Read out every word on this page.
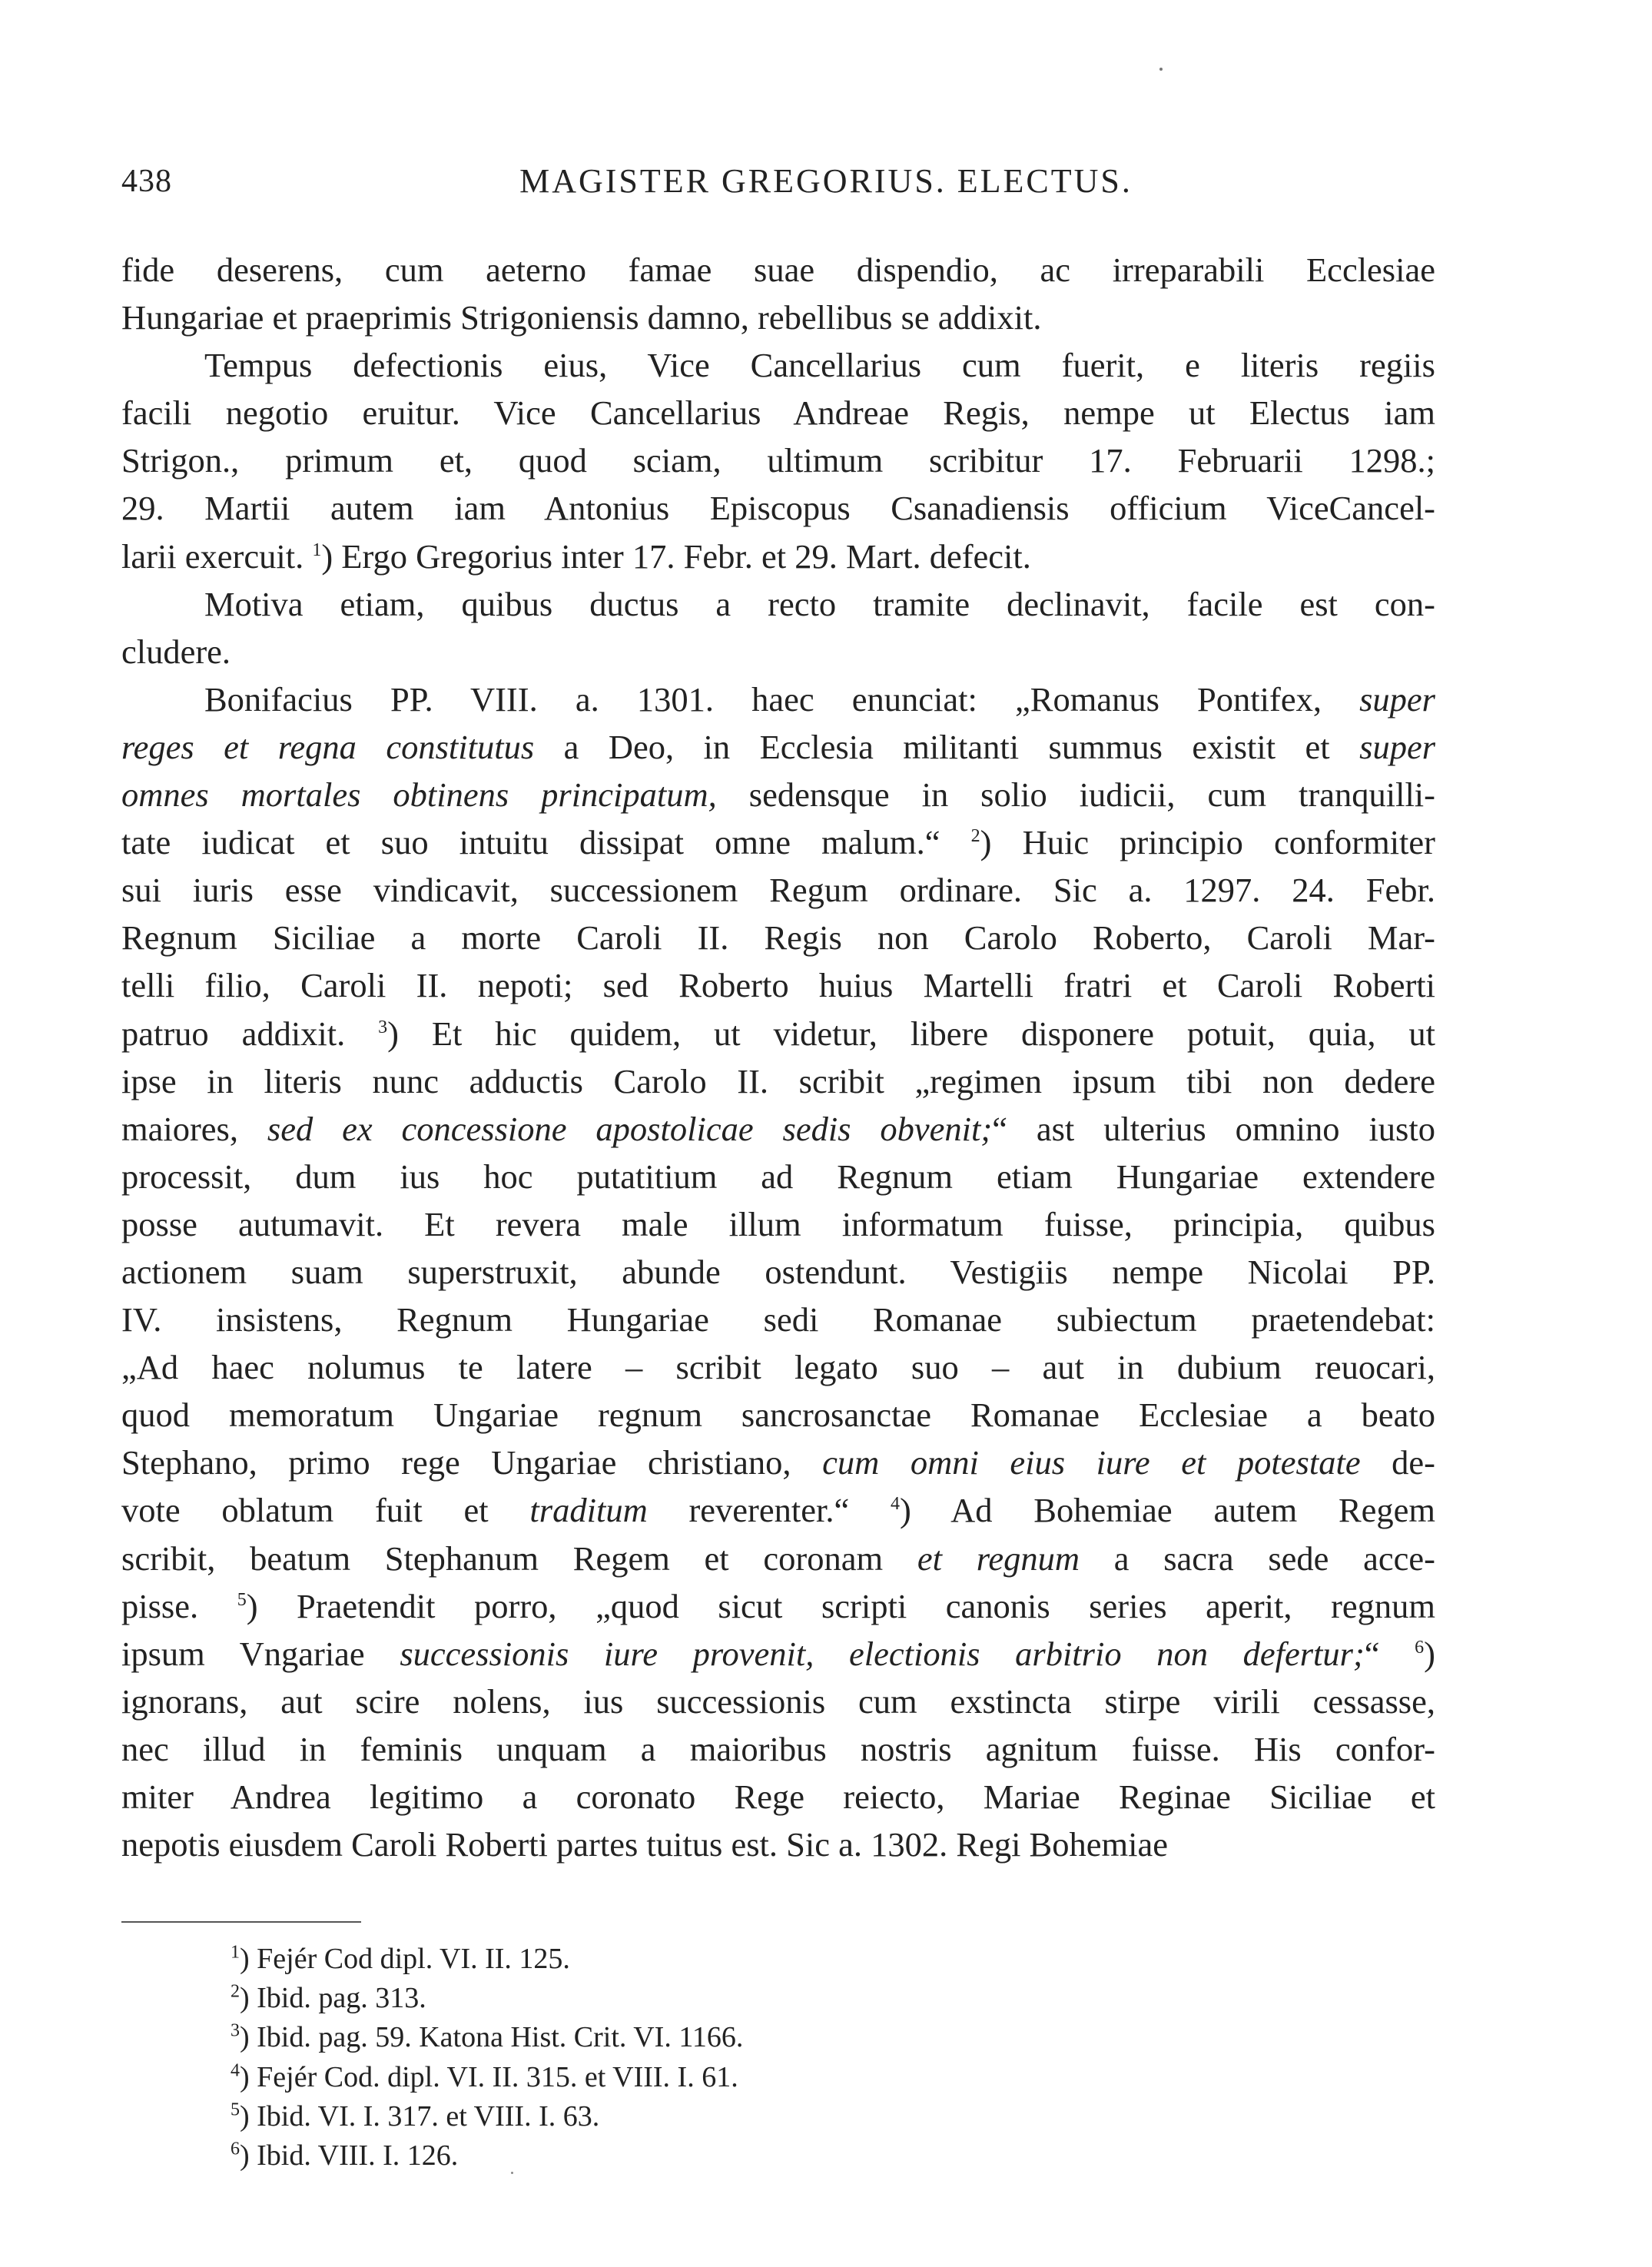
438	MAGISTER GREGORIUS. ELECTUS.
fide deserens, cum aeterno famae suae dispendio, ac irreparabili Ecclesiae
Hungariae et praeprimis Strigoniensis damno, rebellibus se addixit.
Tempus defectionis eius, Vice Cancellarius cum fuerit, e literis regiis
facili negotio eruitur. Vice Cancellarius Andreae Regis, nempe ut Electus iam
Strigon., primum et, quod sciam, ultimum scribitur 17. Februarii 1298.;
29. Martii autem iam Antonius Episcopus Csanadiensis officium ViceCancel-
larii exercuit. $^1$) Ergo Gregorius inter 17. Febr. et 29. Mart. defecit.
Motiva etiam, quibus ductus a recto tramite declinavit, facile est con-
cludere.
Bonifacius PP. VIII. a. 1301. haec enunciat: „Romanus Pontifex, super
reges et regna constitutus a Deo, in Ecclesia militanti summus existit et super
omnes mortales obtinens principatum, sedensque in solio iudicii, cum tranquilli-
tate iudicat et suo intuitu dissipat omne malum.“ $^2$) Huic principio conformiter
sui iuris esse vindicavit, successionem Regum ordinare. Sic a. 1297. 24. Febr.
Regnum Siciliae a morte Caroli II. Regis non Carolo Roberto, Caroli Mar-
telli filio, Caroli II. nepoti; sed Roberto huius Martelli fratri et Caroli Roberti
patruo addixit. $^3$) Et hic quidem, ut videtur, libere disponere potuit, quia, ut
ipse in literis nunc adductis Carolo II. scribit „regimen ipsum tibi non dedere
maiores, sed ex concessione apostolicae sedis obvenit;“ ast ulterius omnino iusto
processit, dum ius hoc putatitium ad Regnum etiam Hungariae extendere
posse autumavit. Et revera male illum informatum fuisse, principia, quibus
actionem suam superstruxit, abunde ostendunt. Vestigiis nempe Nicolai PP.
IV. insistens, Regnum Hungariae sedi Romanae subiectum praetendebat:
„Ad haec nolumus te latere – scribit legato suo – aut in dubium reuocari,
quod memoratum Ungariae regnum sancrosanctae Romanae Ecclesiae a beato
Stephano, primo rege Ungariae christiano, cum omni eius iure et potestate de-
vote oblatum fuit et traditum reverenter.“ $^4$) Ad Bohemiae autem Regem
scribit, beatum Stephanum Regem et coronam et regnum a sacra sede acce-
pisse. $^5$) Praetendit porro, „quod sicut scripti canonis series aperit, regnum
ipsum Vngariae successionis iure provenit, electionis arbitrio non defertur;“ $^6$)
ignorans, aut scire nolens, ius successionis cum exstincta stirpe virili cessasse,
nec illud in feminis unquam a maioribus nostris agnitum fuisse. His confor-
miter Andrea legitimo a coronato Rege reiecto, Mariae Reginae Siciliae et
nepotis eiusdem Caroli Roberti partes tuitus est. Sic a. 1302. Regi Bohemiae
$^1$) Fejér Cod dipl. VI. II. 125.
$^2$) Ibid. pag. 313.
$^3$) Ibid. pag. 59. Katona Hist. Crit. VI. 1166.
$^4$) Fejér Cod. dipl. VI. II. 315. et VIII. I. 61.
$^5$) Ibid. VI. I. 317. et VIII. I. 63.
$^6$) Ibid. VIII. I. 126.
